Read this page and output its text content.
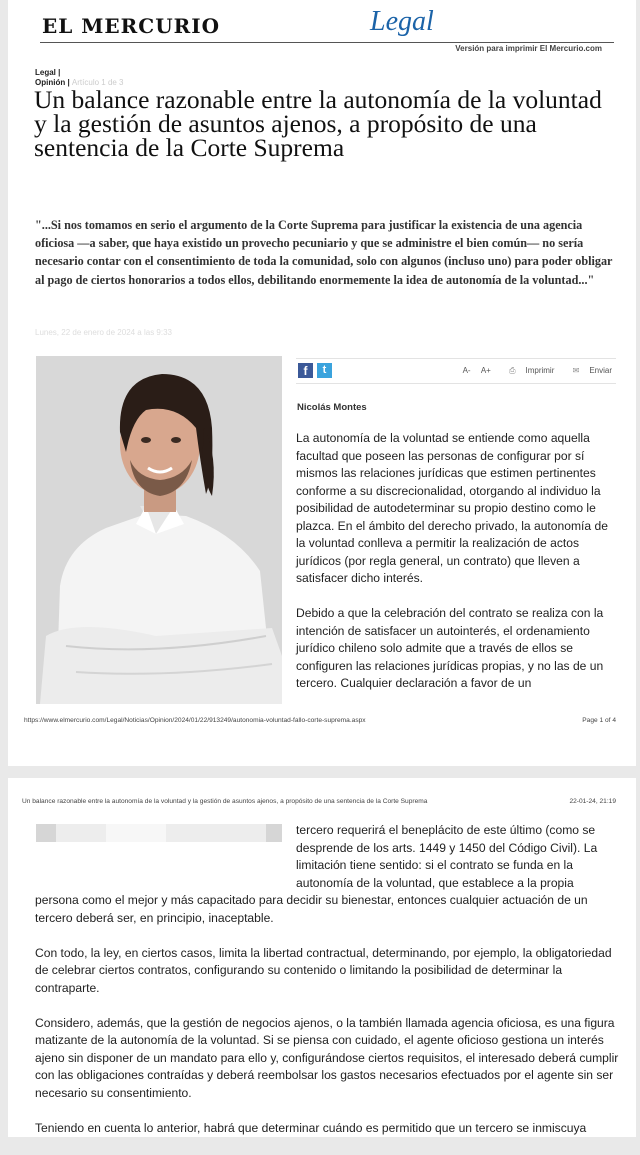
EL MERCURIO	Legal
Versión para imprimir El Mercurio.com
Legal |
Opinión | Artículo 1 de 3
Un balance razonable entre la autonomía de la voluntad y la gestión de asuntos ajenos, a propósito de una sentencia de la Corte Suprema

"...Si nos tomamos en serio el argumento de la Corte Suprema para justificar la existencia de una agencia oficiosa —a saber, que haya existido un provecho pecuniario y que se administre el bien común— no sería necesario contar con el consentimiento de toda la comunidad, solo con algunos (incluso uno) para poder obligar al pago de ciertos honorarios a todos ellos, debilitando enormemente la idea de autonomía de la voluntad..."

Lunes, 22 de enero de 2024 a las 9:33
f	t	A- A+ ⎙ Imprimir ✉ Enviar
Nicolás Montes

La autonomía de la voluntad se entiende como aquella facultad que poseen las personas de configurar por sí mismos las relaciones jurídicas que estimen pertinentes conforme a su discrecionalidad, otorgando al individuo la posibilidad de autodeterminar su propio destino como le plazca. En el ámbito del derecho privado, la autonomía de la voluntad conlleva a permitir la realización de actos jurídicos (por regla general, un contrato) que lleven a satisfacer dicho interés.

Debido a que la celebración del contrato se realiza con la intención de satisfacer un autointerés, el ordenamiento jurídico chileno solo admite que a través de ellos se configuren las relaciones jurídicas propias, y no las de un tercero. Cualquier declaración a favor de un

https://www.elmercurio.com/Legal/Noticias/Opinion/2024/01/22/913249/autonomia-voluntad-fallo-corte-suprema.aspx	Page 1 of 4
Un balance razonable entre la autonomía de la voluntad y la gestión de asuntos ajenos, a propósito de una sentencia de la Corte Suprema	22-01-24, 21:19

tercero requerirá el beneplácito de este último (como se desprende de los arts. 1449 y 1450 del Código Civil). La limitación tiene sentido: si el contrato se funda en la autonomía de la voluntad, que establece a la propia

persona como el mejor y más capacitado para decidir su bienestar, entonces cualquier actuación de un tercero deberá ser, en principio, inaceptable.

Con todo, la ley, en ciertos casos, limita la libertad contractual, determinando, por ejemplo, la obligatoriedad de celebrar ciertos contratos, configurando su contenido o limitando la posibilidad de determinar la contraparte.

Considero, además, que la gestión de negocios ajenos, o la también llamada agencia oficiosa, es una figura matizante de la autonomía de la voluntad. Si se piensa con cuidado, el agente oficioso gestiona un interés ajeno sin disponer de un mandato para ello y, configurándose ciertos requisitos, el interesado deberá cumplir con las obligaciones contraídas y deberá reembolsar los gastos necesarios efectuados por el agente sin ser necesario su consentimiento.

Teniendo en cuenta lo anterior, habrá que determinar cuándo es permitido que un tercero se inmiscuya
